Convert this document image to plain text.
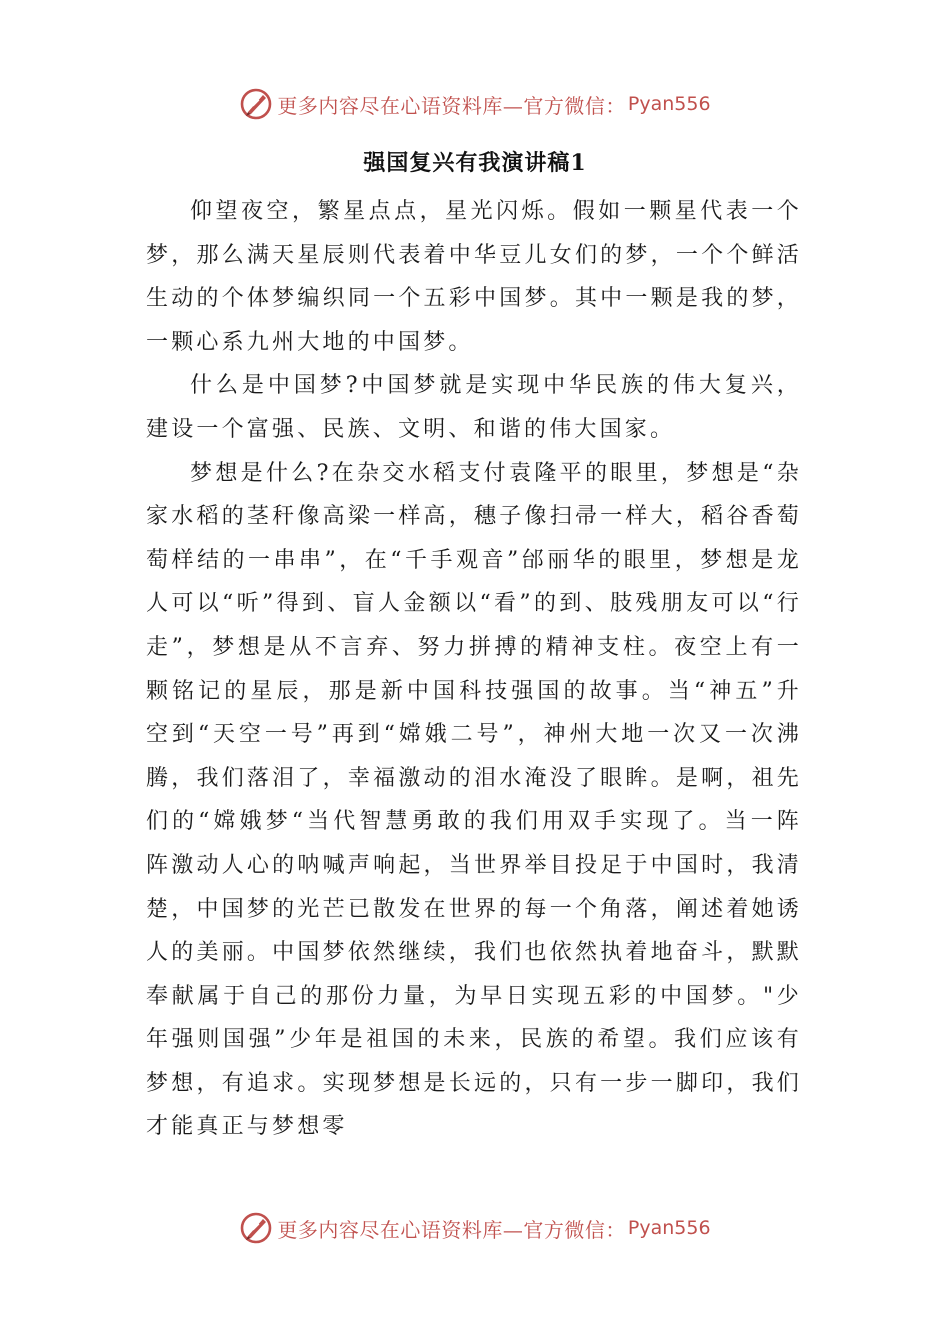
更多内容尽在心语资料库—官方微信： Pyan556
强国复兴有我演讲稿1

仰望夜空，繁星点点，星光闪烁。假如一颗星代表一个梦，那么满天星辰则代表着中华豆儿女们的梦，一个个鲜活生动的个体梦编织同一个五彩中国梦。其中一颗是我的梦，一颗心系九州大地的中国梦。

什么是中国梦?中国梦就是实现中华民族的伟大复兴，建设一个富强、民族、文明、和谐的伟大国家。

梦想是什么?在杂交水稻支付袁隆平的眼里，梦想是“杂家水稻的茎秆像高梁一样高，穗子像扫帚一样大，稻谷香萄萄样结的一串串”，在“千手观音”邰丽华的眼里，梦想是龙人可以“听”得到、盲人金额以“看”的到、肢残朋友可以“行走”，梦想是从不言弃、努力拼搏的精神支柱。夜空上有一颗铭记的星辰，那是新中国科技强国的故事。当“神五”升空到“天空一号”再到“嫦娥二号”，神州大地一次又一次沸腾，我们落泪了，幸福激动的泪水淹没了眼眸。是啊，祖先们的“嫦娥梦“当代智慧勇敢的我们用双手实现了。当一阵阵激动人心的呐喊声响起，当世界举目投足于中国时，我清楚，中国梦的光芒已散发在世界的每一个角落，阐述着她诱人的美丽。中国梦依然继续，我们也依然执着地奋斗，默默奉献属于自己的那份力量，为早日实现五彩的中国梦。"少年强则国强”少年是祖国的未来，民族的希望。我们应该有梦想，有追求。实现梦想是长远的，只有一步一脚印，我们才能真正与梦想零

更多内容尽在心语资料库—官方微信： Pyan556
